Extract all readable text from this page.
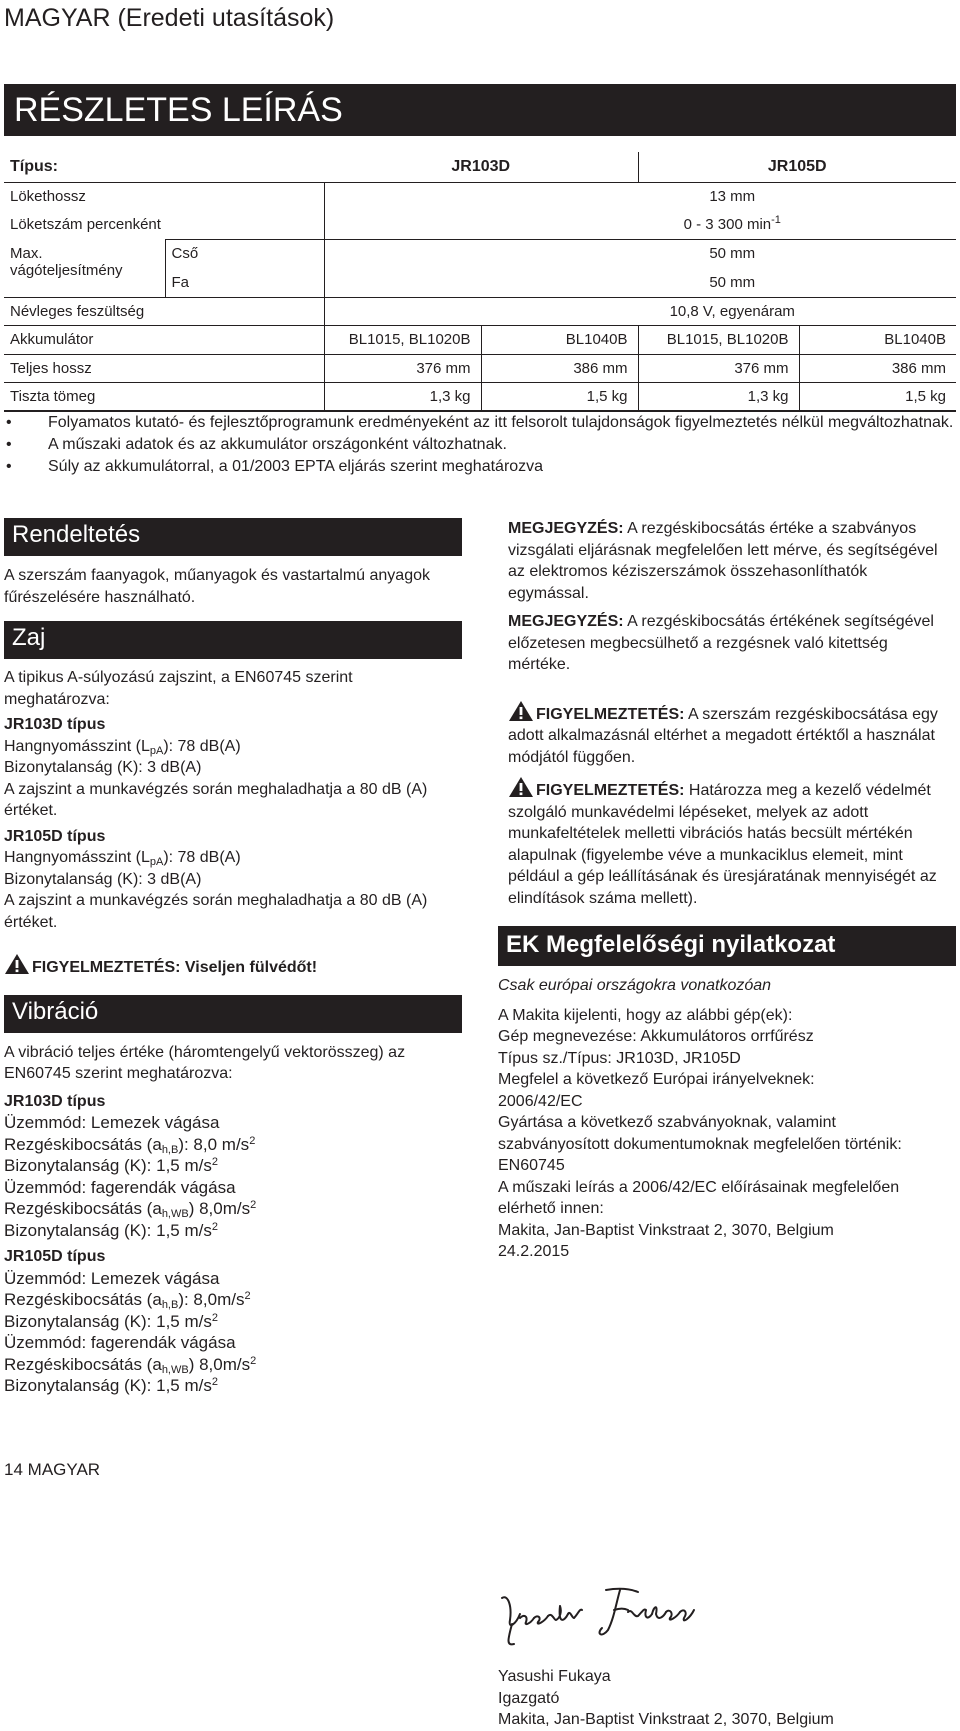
MAGYAR (Eredeti utasítások)
RÉSZLETES LEÍRÁS
Típus:		JR103D		JR105D	
Lökethossz		13 mm			
Löketszám percenként		0 - 3 300 $\min^{-1}$
Max. vágóteljesítmény	Cső	50 mm			
	Fa	50 mm			
Névleges feszültség		10,8 V, egyenáram			
Akkumulátor		BL1015, BL1020B	BL1040B	BL1015, BL1020B	BL1040B
Teljes hossz		376 mm	386 mm	376 mm	386 mm
Tiszta tömeg		1,3 kg	1,5 kg	1,3 kg	1,5 kg
• Folyamatos kutató- és fejlesztőprogramunk eredményeként az itt felsorolt tulajdonságok figyelmeztetés nélkül megváltozhatnak.
• A műszaki adatok és az akkumulátor országonként változhatnak.
• Súly az akkumulátorral, a 01/2003 EPTA eljárás szerint meghatározva
Rendeltetés

A szerszám faanyagok, műanyagok és vastartalmú anyagok fűrészelésére használható.

Zaj

A tipikus A-súlyozású zajszint, a EN60745 szerint meghatározva:

JR103D típus
Hangnyomásszint $(L_{pA})$: 78 dB(A)
Bizonytalanság (K): 3 dB(A)
A zajszint a munkavégzés során meghaladhatja a 80 dB (A) értéket.
JR105D típus
Hangnyomásszint $(L_{pA})$: 78 dB(A)
Bizonytalanság (K): 3 dB(A)
A zajszint a munkavégzés során meghaladhatja a 80 dB (A) értéket.
FIGYELMEZTETÉS: Viseljen fülvédőt!
Vibráció

A vibráció teljes értéke (háromtengelyű vektorösszeg) az EN60745 szerint meghatározva:

JR103D típus
Üzemmód: Lemezek vágása
Rezgéskibocsátás $(a_{h,B})$: 8,0 $m/s^2$
Bizonytalanság (K): 1,5 $m/s^2$
Üzemmód: fagerendák vágása
Rezgéskibocsátás $(a_{h,WB})$ $8,0m/s^2$
Bizonytalanság (K): 1,5 $m/s^2$
JR105D típus
Üzemmód: Lemezek vágása
Rezgéskibocsátás $(a_{h,B})$: $8,0m/s^2$
Bizonytalanság (K): 1,5 $m/s^2$
Üzemmód: fagerendák vágása
Rezgéskibocsátás $(a_{h,WB})$ $8,0m/s^2$
Bizonytalanság (K): 1,5 $m/s^2$

MEGJEGYZÉS: A rezgéskibocsátás értéke a szabványos vizsgálati eljárásnak megfelelően lett mérve, és segítségével az elektromos kéziszerszámok összehasonlíthatók egymással.

MEGJEGYZÉS: A rezgéskibocsátás értékének segítségével előzetesen megbecsülhető a rezgésnek való kitettség mértéke.

FIGYELMEZTETÉS: A szerszám rezgéskibocsátása egy adott alkalmazásnál eltérhet a megadott értéktől a használat módjától függően.

FIGYELMEZTETÉS: Határozza meg a kezelő védelmét szolgáló munkavédelmi lépéseket, melyek az adott munkafeltételek melletti vibrációs hatás becsült mértékén alapulnak (figyelembe véve a munkaciklus elemeit, mint például a gép leállításának és üresjáratának mennyiségét az elindítások száma mellett).

EK Megfelelőségi nyilatkozat

Csak európai országokra vonatkozóan

A Makita kijelenti, hogy az alábbi gép(ek):
Gép megnevezése: Akkumulátoros orrfűrész
Típus sz./Típus: JR103D, JR105D
Megfelel a következő Európai irányelveknek:
2006/42/EC
Gyártása a következő szabványoknak, valamint szabványosított dokumentumoknak megfelelően történik:
EN60745
A műszaki leírás a 2006/42/EC előírásainak megfelelően elérhető innen:
Makita, Jan-Baptist Vinkstraat 2, 3070, Belgium
24.2.2015
Yasushi Fukaya
Igazgató
Makita, Jan-Baptist Vinkstraat 2, 3070, Belgium
14 MAGYAR
